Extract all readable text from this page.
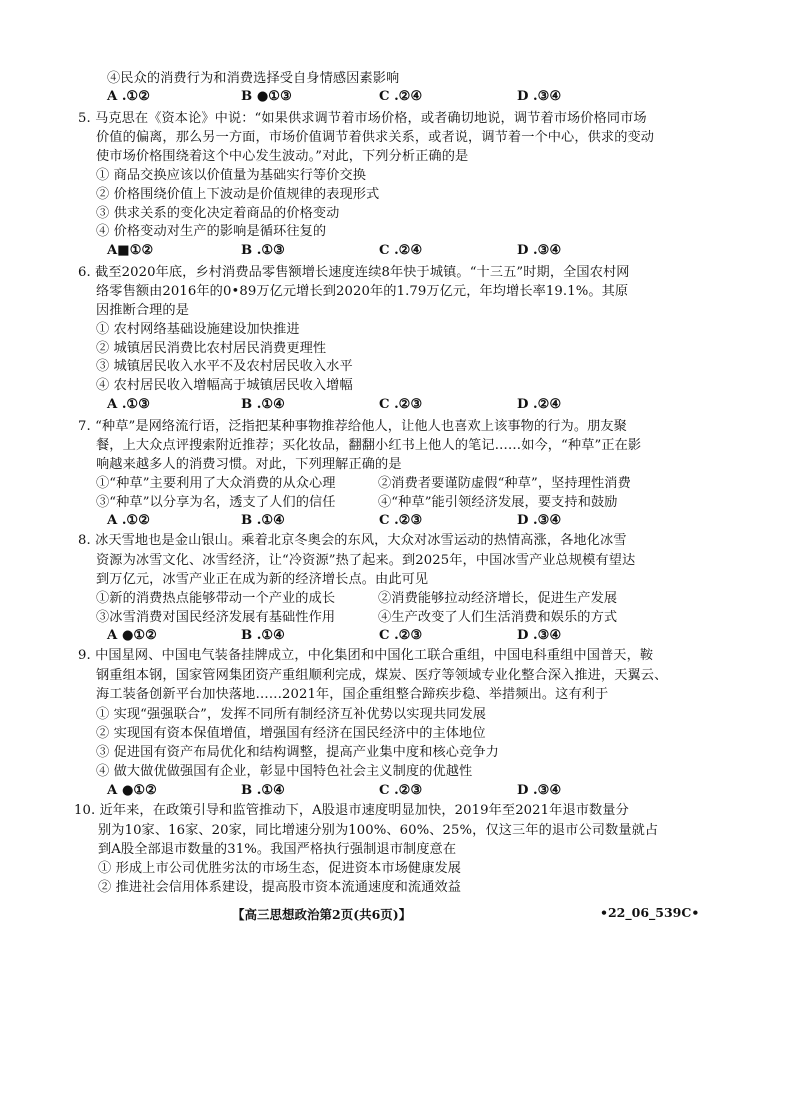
④民众的消费行为和消费选择受自身情感因素影响
A .①②	B ●①③	C .②④	D .③④
5. 马克思在《资本论》中说：“如果供求调节着市场价格，或者确切地说，调节着市场价格同市场
价值的偏离，那么另一方面，市场价值调节着供求关系，或者说，调节着一个中心，供求的变动
使市场价格围绕着这个中心发生波动。”对此，下列分析正确的是
① 商品交换应该以价值量为基础实行等价交换
② 价格围绕价值上下波动是价值规律的表现形式
③ 供求关系的变化决定着商品的价格变动
④ 价格变动对生产的影响是循环往复的
A■①②	B .①③	C .②④	D .③④
6. 截至2020年底，乡村消费品零售额增长速度连续8年快于城镇。“十三五”时期，全国农村网
络零售额由2016年的0•89万亿元增长到2020年的1.79万亿元，年均增长率19.1%。其原
因推断合理的是
① 农村网络基础设施建设加快推进
② 城镇居民消费比农村居民消费更理性
③ 城镇居民收入水平不及农村居民收入水平
④ 农村居民收入增幅高于城镇居民收入增幅
A .①③	B .①④	C .②③	D .②④
7. “种草”是网络流行语，泛指把某种事物推荐给他人，让他人也喜欢上该事物的行为。朋友聚
餐，上大众点评搜索附近推荐；买化妆品，翻翻小红书上他人的笔记……如今，“种草”正在影
响越来越多人的消费习惯。对此，下列理解正确的是
①“种草”主要利用了大众消费的从众心理	②消费者要谨防虚假“种草”，坚持理性消费
③“种草”以分享为名，透支了人们的信任	④“种草”能引领经济发展，要支持和鼓励
A .①②	B .①④	C .②③	D .③④
8. 冰天雪地也是金山银山。乘着北京冬奥会的东风，大众对冰雪运动的热情高涨，各地化冰雪
资源为冰雪文化、冰雪经济，让“冷资源”热了起来。到2025年，中国冰雪产业总规模有望达
到万亿元，冰雪产业正在成为新的经济增长点。由此可见
①新的消费热点能够带动一个产业的成长	②消费能够拉动经济增长，促进生产发展
③冰雪消费对国民经济发展有基础性作用	④生产改变了人们生活消费和娱乐的方式
A ●①②	B .①④	C .②③	D .③④
9. 中国星网、中国电气装备挂牌成立，中化集团和中国化工联合重组，中国电科重组中国普天，鞍
钢重组本钢，国家管网集团资产重组顺利完成，煤炭、医疗等领域专业化整合深入推进，天翼云、
海工装备创新平台加快落地……2021年，国企重组整合蹄疾步稳、举措频出。这有利于
① 实现“强强联合”，发挥不同所有制经济互补优势以实现共同发展
② 实现国有资本保值增值，增强国有经济在国民经济中的主体地位
③ 促进国有资产布局优化和结构调整，提高产业集中度和核心竞争力
④ 做大做优做强国有企业，彰显中国特色社会主义制度的优越性
A ●①②	B .①④	C .②③	D .③④
10. 近年来，在政策引导和监管推动下，A股退市速度明显加快，2019年至2021年退市数量分
别为10家、16家、20家，同比增速分别为100%、60%、25%，仅这三年的退市公司数量就占
到A股全部退市数量的31%。我国严格执行强制退市制度意在
① 形成上市公司优胜劣汰的市场生态，促进资本市场健康发展
② 推进社会信用体系建设，提高股市资本流通速度和流通效益
【高三思想政治第2页(共6页)】	•22_06_539C•
